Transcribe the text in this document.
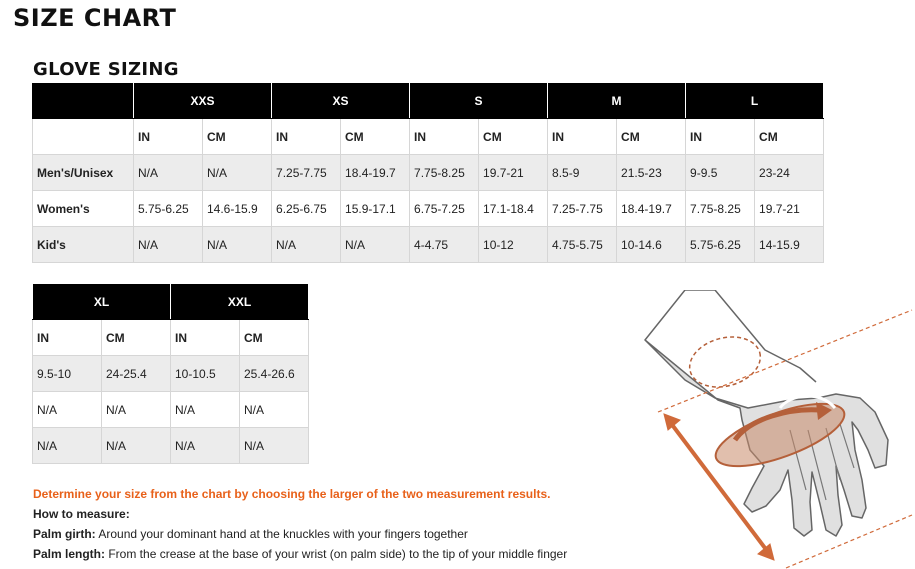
SIZE CHART
GLOVE SIZING
	XXS		XS		S		M		L	
	IN	CM	IN	CM	IN	CM	IN	CM	IN	CM
Men's/Unisex	N/A	N/A	7.25-7.75	18.4-19.7	7.75-8.25	19.7-21	8.5-9	21.5-23	9-9.5	23-24
Women's	5.75-6.25	14.6-15.9	6.25-6.75	15.9-17.1	6.75-7.25	17.1-18.4	7.25-7.75	18.4-19.7	7.75-8.25	19.7-21
Kid's	N/A	N/A	N/A	N/A	4-4.75	10-12	4.75-5.75	10-14.6	5.75-6.25	14-15.9
XL		XXL	
IN	CM	IN	CM
9.5-10	24-25.4	10-10.5	25.4-26.6
N/A	N/A	N/A	N/A
N/A	N/A	N/A	N/A

Determine your size from the chart by choosing the larger of the two measurement results.

How to measure:

Palm girth: Around your dominant hand at the knuckles with your fingers together

Palm length: From the crease at the base of your wrist (on palm side) to the tip of your middle finger
